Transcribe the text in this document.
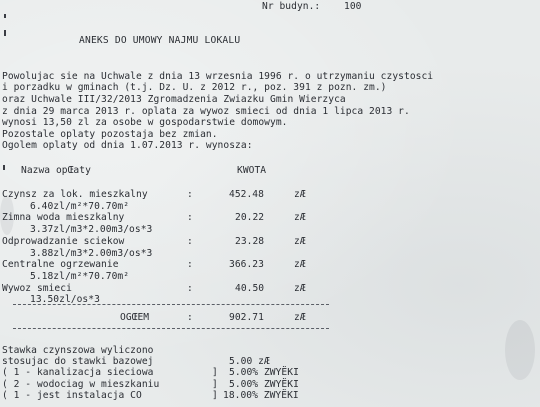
Nr budyn.: 100
ANEKS DO UMOWY NAJMU LOKALU
Powolujac sie na Uchwale z dnia 13 wrzesnia 1996 r. o utrzymaniu czystosci
i porzadku w gminach (t.j. Dz. U. z 2012 r., poz. 391 z pozn. zm.)
oraz Uchwale III/32/2013 Zgromadzenia Zwiazku Gmin Wierzyca
z dnia 29 marca 2013 r. oplata za wywoz smieci od dnia 1 lipca 2013 r.
wynosi 13,50 zl za osobe w gospodarstwie domowym.
Pozostale oplaty pozostaja bez zmian.
Ogolem oplaty od dnia 1.07.2013 r. wynosza:
Nazwa opŒaty	KWOTA
Czynsz za lok. mieszkalny	:	452.48	zÆ
6.40zl/m²*70.70m²
Zimna woda mieszkalny	:	20.22	zÆ
3.37zl/m3*2.00m3/os*3
Odprowadzanie sciekow	:	23.28	zÆ
3.88zl/m3*2.00m3/os*3
Centralne ogrzewanie	:	366.23	zÆ
5.18zl/m²*70.70m²
Wywoz smieci	:	40.50	zÆ
13.50zl/os*3
OGŒEM	:	902.71	zÆ
Stawka czynszowa wyliczono
stosujac do stawki bazowej	5.00 zÆ
( 1 - kanalizacja sieciowa	] 5.00% ZWYËKI
( 2 - wodociag w mieszkaniu	] 5.00% ZWYËKI
( 1 - jest instalacja CO	] 18.00% ZWYËKI
